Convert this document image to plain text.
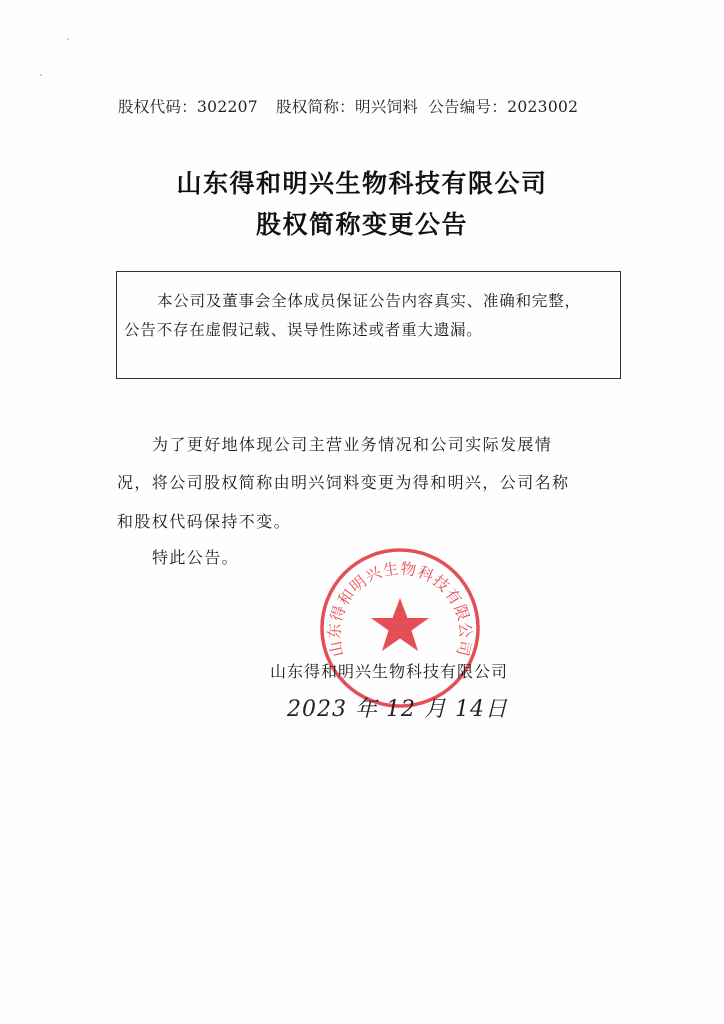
股权代码：302207 股权简称：明兴饲料 公告编号：2023002
山东得和明兴生物科技有限公司
股权简称变更公告
本公司及董事会全体成员保证公告内容真实、准确和完整，
公告不存在虚假记载、误导性陈述或者重大遗漏。
为了更好地体现公司主营业务情况和公司实际发展情
况，将公司股权简称由明兴饲料变更为得和明兴，公司名称
和股权代码保持不变。
特此公告。
山东得和明兴生物科技有限公司
山东得和明兴生物科技有限公司
2023 年 12 月 14日
